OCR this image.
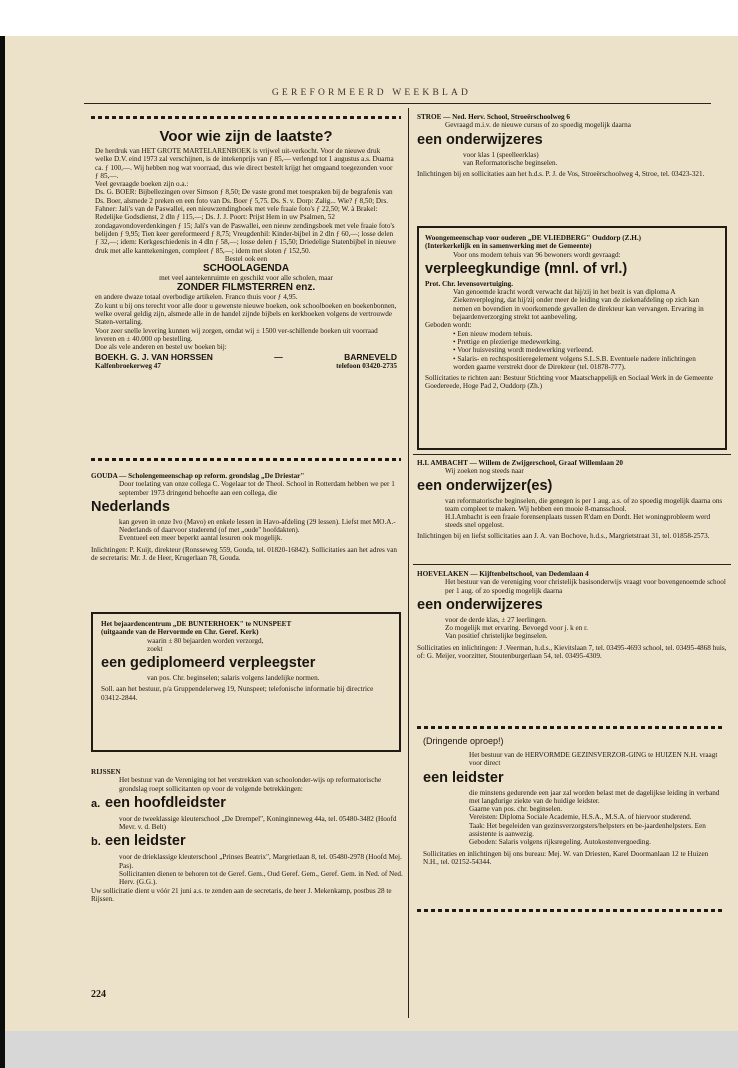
GEREFORMEERD WEEKBLAD
Voor wie zijn de laatste?

De herdruk van HET GROTE MARTELARENBOEK is vrijwel uit-verkocht. Voor de nieuwe druk welke D.V. eind 1973 zal verschijnen, is de intekenprijs van ƒ 85,— verlengd tot 1 augustus a.s. Duarna ca. ƒ 100,—. Wij hebben nog wat voorraad, dus wie direct bestelt krijgt het omgaand toegezonden voor ƒ 85,—.

Veel gevraagde boeken zijn o.a.:

Ds. G. BOER: Bijbellezingen over Simson ƒ 8,50; De vaste grond met toespraken bij de begrafenis van Ds. Boer, alsmede 2 preken en een foto van Ds. Boer ƒ 5,75. Ds. S. v. Dorp: Zalig... Wie? ƒ 8,50; Drs. Fahner: Jali's van de Paswallei, een nieuwzendingboek met vele fraaie foto's ƒ 22,50; W. à Brakel: Redelijke Godsdienst, 2 dln ƒ 115,—; Ds. J. J. Poort: Prijst Hem in uw Psalmen, 52 zondagavondoverdenkingen ƒ 15; Jali's van de Paswallei, een nieuw zendingsboek met vele fraaie foto's belijden ƒ 9,95; Tien keer gereformeerd ƒ 8,75; Vreugdenhil: Kinder-bijbel in 2 dln ƒ 60,—; losse delen ƒ 32,—; idem: Kerkgeschiedenis in 4 dln ƒ 58,—; losse delen ƒ 15,50; Driedelige Statenbijbel in nieuwe druk met alle kanttekeningen, compleet ƒ 85,—; idem met sloten ƒ 152,50.

Bestel ook een

SCHOOLAGENDA

met veel aantekenruimte en geschikt voor alle scholen, maar

ZONDER FILMSTERREN enz.

en andere dwaze totaal overbodige artikelen. Franco thuis voor ƒ 4,95.

Zo kunt u bij ons terecht voor alle door u gewenste nieuwe boeken, ook schoolboeken en boekenbonnen, welke overal geldig zijn, alsmede alle in de handel zijnde bijbels en kerkboeken volgens de vertrouwde Staten-vertaling.

Voor zeer snelle levering kunnen wij zorgen, omdat wij ± 1500 ver-schillende boeken uit voorraad leveren en ± 40.000 op bestelling.

Doe als vele anderen en bestel uw boeken bij:

BOEKH. G. J. VAN HORSSEN	—	BARNEVELD
Kalfenbroekerweg 47	telefoon 03420-2735

GOUDA — Scholengemeenschap op reform. grondslag „De Driestar"

Door toelating van onze collega C. Vogelaar tot de Theol. School in Rotterdam hebben we per 1 september 1973 dringend behoefte aan een collega, die

Nederlands

kan geven in onze Ivo (Mavo) en enkele lessen in Havo-afdeling (29 lessen). Liefst met MO.A.-Nederlands of daarvoor studerend (of met „oude" hoofdakten).

Eventueel een meer beperkt aantal lesuren ook mogelijk.

Inlichtingen: P. Kuijt, direkteur (Ronsseweg 559, Gouda, tel. 01820-16842). Sollicitaties aan het adres van de secretaris: Mr. J. de Heer, Krugerlaan 78, Gouda.

Het bejaardencentrum „DE BUNTERHOEK" te NUNSPEET

(uitgaande van de Hervormde en Chr. Geref. Kerk)

waarin ± 80 bejaarden worden verzorgd,

zoekt

een gediplomeerd verpleegster

van pos. Chr. beginselen; salaris volgens landelijke normen.

Soll. aan het bestuur, p/a Gruppendelerweg 19, Nunspeet; telefonische informatie bij directrice 03412-2844.

RIJSSEN

Het bestuur van de Vereniging tot het verstrekken van schoolonder-wijs op reformatorische grondslag roept sollicitanten op voor de volgende betrekkingen:

a. een hoofdleidster

voor de tweeklassige kleuterschool „De Drempel", Koninginneweg 44a, tel. 05480-3482 (Hoofd Mevr. v. d. Belt)

b. een leidster

voor de drieklassige kleuterschool „Prinses Beatrix", Margrietlaan 8, tel. 05480-2978 (Hoofd Mej. Pas).

Sollicitanten dienen te behoren tot de Geref. Gem., Oud Geref. Gem., Geref. Gem. in Ned. of Ned. Herv. (G.G.).

Uw sollicitatie dient u vóór 21 juni a.s. te zenden aan de secretaris, de heer J. Mekenkamp, postbus 28 te Rijssen.

224

STROE — Ned. Herv. School, Stroeërschoolweg 6

Gevraagd m.i.v. de nieuwe cursus of zo spoedig mogelijk daarna

een onderwijzeres

voor klas 1 (speelleerklas)

van Reformatorische beginselen.

Inlichtingen bij en sollicitaties aan het h.d.s. P. J. de Vos, Stroeërschoolweg 4, Stroe, tel. 03423-321.

Woongemeenschap voor ouderen „DE VLIEDBERG" Ouddorp (Z.H.)

(Interkerkelijk en in samenwerking met de Gemeente)

Voor ons modern tehuis van 96 bewoners wordt gevraagd:

verpleegkundige (mnl. of vrl.)

Prot. Chr. levensovertuiging.

Van genoemde kracht wordt verwacht dat hij/zij in het bezit is van diploma A Ziekenverpleging, dat hij/zij onder meer de leiding van de ziekenafdeling op zich kan nemen en bovendien in voorkomende gevallen de direkteur kan vervangen. Ervaring in bejaardenverzorging strekt tot aanbeveling.

Geboden wordt:

• Een nieuw modern tehuis.

• Prettige en plezierige medewerking.

• Voor huisvesting wordt medewerking verleend.

• Salaris- en rechtspositieregelement volgens S.L.S.B. Eventuele nadere inlichtingen worden gaarne verstrekt door de Direkteur (tel. 01878-777).

Sollicitaties te richten aan: Bestuur Stichting voor Maatschappelijk en Sociaal Werk in de Gemeente Goedereede, Hoge Pad 2, Ouddorp (Zh.)

H.I. AMBACHT — Willem de Zwijgerschool, Graaf Willemlaan 20

Wij zoeken nog steeds naar

een onderwijzer(es)

van reformatorische beginselen, die genegen is per 1 aug. a.s. of zo spoedig mogelijk daarna ons team compleet te maken. Wij hebben een mooie 8-mansschool.

H.I.Ambacht is een fraaie forensenplaats tussen R'dam en Dordt. Het woningprobleem werd steeds snel opgelost.

Inlichtingen bij en liefst sollicitaties aan J. A. van Bochove, h.d.s., Margrietstraat 31, tel. 01858-2573.

HOEVELAKEN — Kijftenbeltschool, van Dedemlaan 4

Het bestuur van de vereniging voor christelijk basisonderwijs vraagt voor bovengenoemde school per 1 aug. of zo spoedig mogelijk daarna

een onderwijzeres

voor de derde klas, ± 27 leerlingen.

Zo mogelijk met ervaring. Bevoegd voor j. k en r.

Van positief christelijke beginselen.

Sollicitaties en inlichtingen: J .Veerman, h.d.s., Kievitslaan 7, tel. 03495-4693 school, tel. 03495-4868 huis, of: G. Meijer, voorzitter, Stoutenburgerlaan 54, tel. 03495-4309.

(Dringende oproep!)

Het bestuur van de HERVORMDE GEZINSVERZOR-GING te HUIZEN N.H. vraagt voor direct

een leidster

die minstens gedurende een jaar zal worden belast met de dagelijkse leiding in verband met langdurige ziekte van de huidige leidster.

Gaarne van pos. chr. beginselen.

Vereisten: Diploma Sociale Academie, H.S.A., M.S.A. of hiervoor studerend.

Taak: Het begeleiden van gezinsverzorgsters/helpsters en be-jaardenhelpsters. Een assistente is aanwezig.

Geboden: Salaris volgens rijksregeling. Autokostenvergoeding.

Sollicitaties en inlichtingen bij ons bureau: Mej. W. van Driesten, Karel Doormanlaan 12 te Huizen N.H., tel. 02152-54344.
